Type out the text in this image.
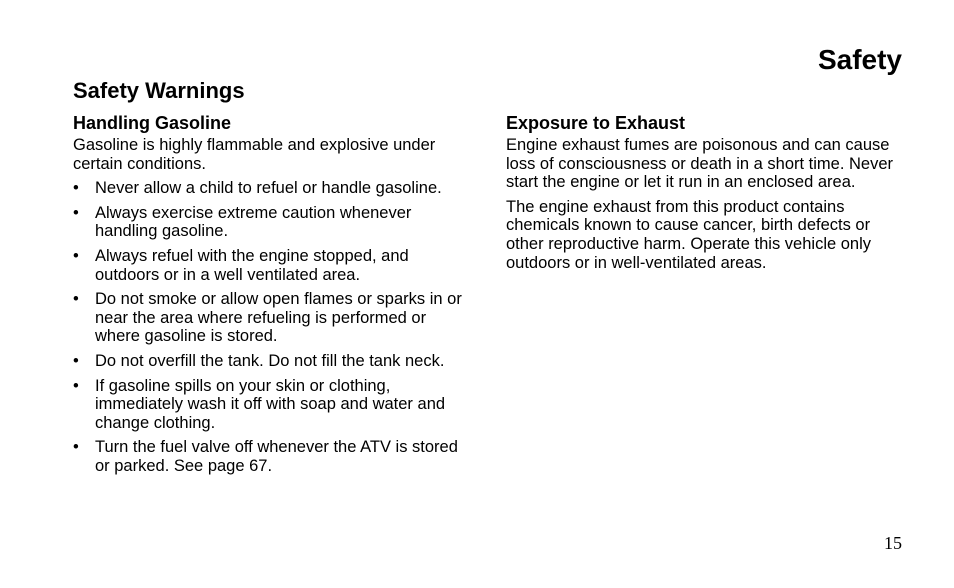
Safety
Safety Warnings
Handling Gasoline

Gasoline is highly flammable and explosive under certain conditions.

• Never allow a child to refuel or handle gasoline.
• Always exercise extreme caution whenever handling gasoline.
• Always refuel with the engine stopped, and outdoors or in a well ventilated area.
• Do not smoke or allow open flames or sparks in or near the area where refueling is performed or where gasoline is stored.
• Do not overfill the tank. Do not fill the tank neck.
• If gasoline spills on your skin or clothing, immediately wash it off with soap and water and change clothing.
• Turn the fuel valve off whenever the ATV is stored or parked. See page 67.
Exposure to Exhaust

Engine exhaust fumes are poisonous and can cause loss of consciousness or death in a short time. Never start the engine or let it run in an enclosed area.

The engine exhaust from this product contains chemicals known to cause cancer, birth defects or other reproductive harm. Operate this vehicle only outdoors or in well-ventilated areas.

15
